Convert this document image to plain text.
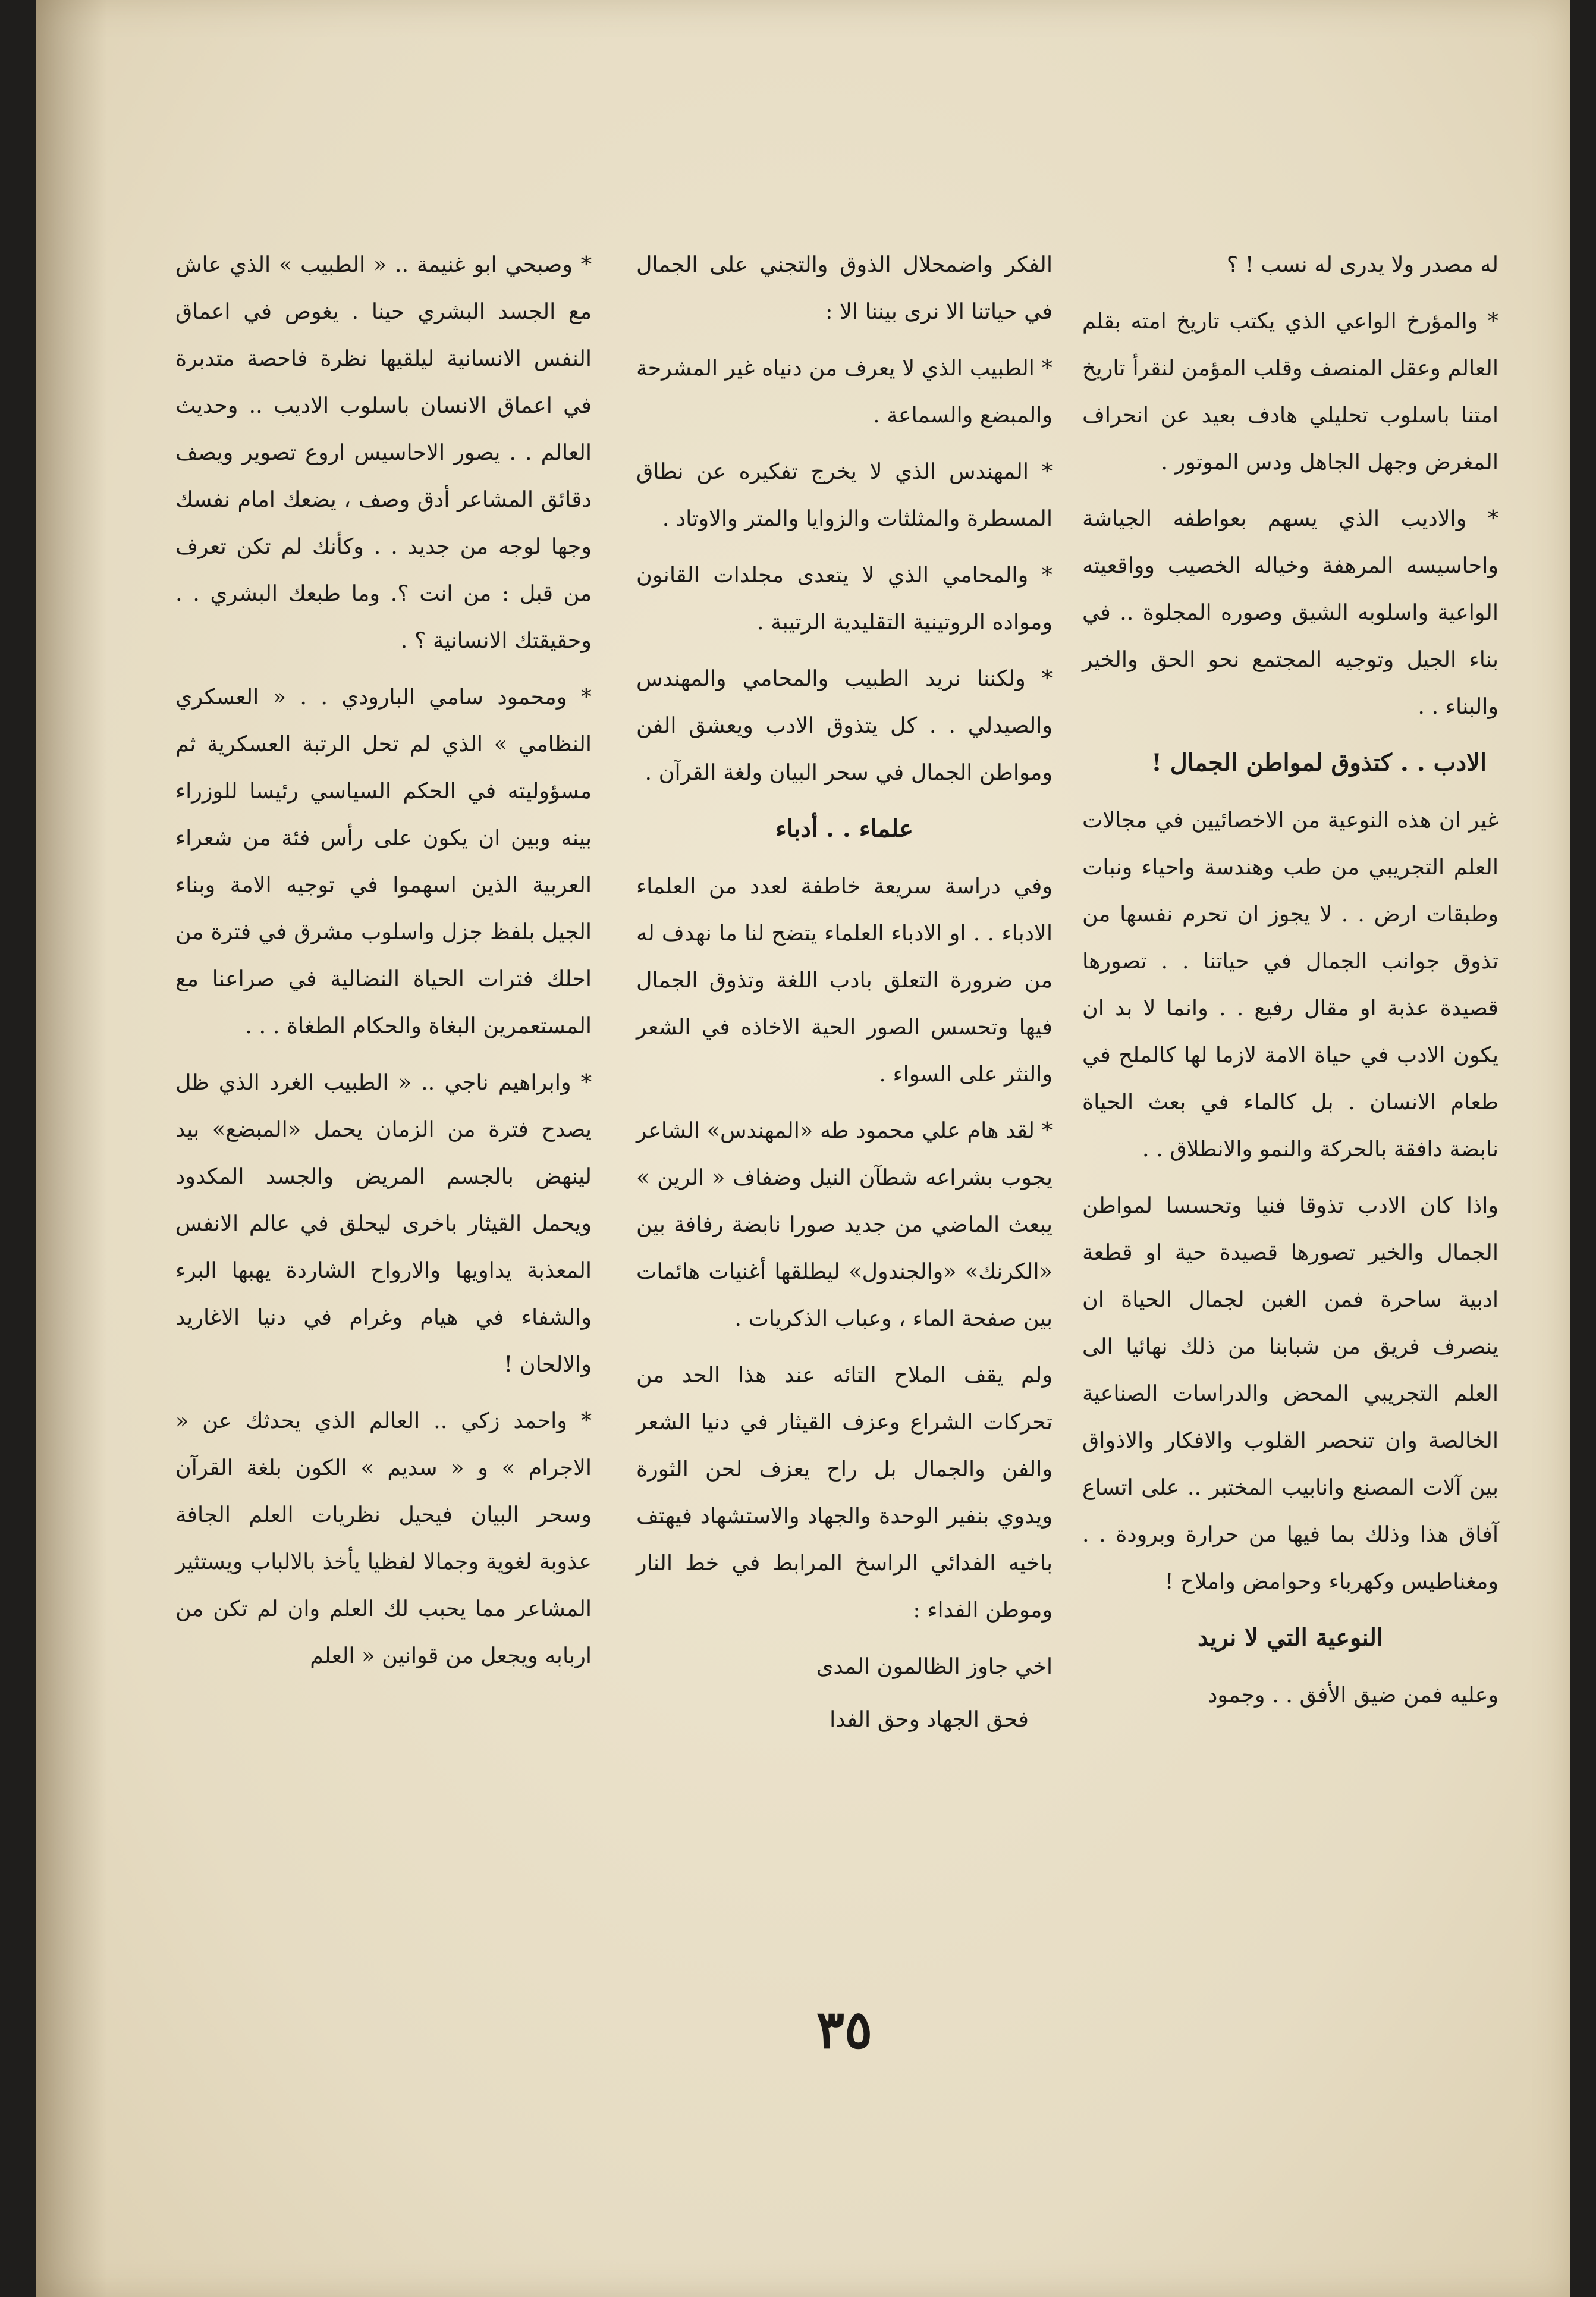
له مصدر ولا يدرى له نسب ! ؟

* والمؤرخ الواعي الذي يكتب تاريخ امته بقلم العالم وعقل المنصف وقلب المؤمن لنقرأ تاريخ امتنا باسلوب تحليلي هادف بعيد عن انحراف المغرض وجهل الجاهل ودس الموتور .

* والاديب الذي يسهم بعواطفه الجياشة واحاسيسه المرهفة وخياله الخصيب وواقعيته الواعية واسلوبه الشيق وصوره المجلوة .. في بناء الجيل وتوجيه المجتمع نحو الحق والخير والبناء . .

الادب . . كتذوق لمواطن الجمال !

غير ان هذه النوعية من الاخصائيين في مجالات العلم التجريبي من طب وهندسة واحياء ونبات وطبقات ارض . . لا يجوز ان تحرم نفسها من تذوق جوانب الجمال في حياتنا . . تصورها قصيدة عذبة او مقال رفيع . . وانما لا بد ان يكون الادب في حياة الامة لازما لها كالملح في طعام الانسان . بل كالماء في بعث الحياة نابضة دافقة بالحركة والنمو والانطلاق . .

واذا كان الادب تذوقا فنيا وتحسسا لمواطن الجمال والخير تصورها قصيدة حية او قطعة ادبية ساحرة فمن الغبن لجمال الحياة ان ينصرف فريق من شبابنا من ذلك نهائيا الى العلم التجريبي المحض والدراسات الصناعية الخالصة وان تنحصر القلوب والافكار والاذواق بين آلات المصنع وانابيب المختبر .. على اتساع آفاق هذا وذلك بما فيها من حرارة وبرودة . . ومغناطيس وكهرباء وحوامض واملاح !

النوعية التي لا نريد

وعليه فمن ضيق الأفق . . وجمود

الفكر واضمحلال الذوق والتجني على الجمال في حياتنا الا نرى بيننا الا :

* الطبيب الذي لا يعرف من دنياه غير المشرحة والمبضع والسماعة .

* المهندس الذي لا يخرج تفكيره عن نطاق المسطرة والمثلثات والزوايا والمتر والاوتاد .

* والمحامي الذي لا يتعدى مجلدات القانون ومواده الروتينية التقليدية الرتيبة .

* ولكننا نريد الطبيب والمحامي والمهندس والصيدلي . . كل يتذوق الادب ويعشق الفن ومواطن الجمال في سحر البيان ولغة القرآن .

علماء . . أدباء

وفي دراسة سريعة خاطفة لعدد من العلماء الادباء . . او الادباء العلماء يتضح لنا ما نهدف له من ضرورة التعلق بادب اللغة وتذوق الجمال فيها وتحسس الصور الحية الاخاذه في الشعر والنثر على السواء .

* لقد هام علي محمود طه «المهندس» الشاعر يجوب بشراعه شطآن النيل وضفاف « الرين » يبعث الماضي من جديد صورا نابضة رفافة بين «الكرنك» «والجندول» ليطلقها أغنيات هائمات بين صفحة الماء ، وعباب الذكريات .

ولم يقف الملاح التائه عند هذا الحد من تحركات الشراع وعزف القيثار في دنيا الشعر والفن والجمال بل راح يعزف لحن الثورة ويدوي بنفير الوحدة والجهاد والاستشهاد فيهتف باخيه الفدائي الراسخ المرابط في خط النار وموطن الفداء :

اخي جاوز الظالمون المدى

فحق الجهاد وحق الفدا

* وصبحي ابو غنيمة .. « الطبيب » الذي عاش مع الجسد البشري حينا . يغوص في اعماق النفس الانسانية ليلقيها نظرة فاحصة متدبرة في اعماق الانسان باسلوب الاديب .. وحديث العالم . . يصور الاحاسيس اروع تصوير ويصف دقائق المشاعر أدق وصف ، يضعك امام نفسك وجها لوجه من جديد . . وكأنك لم تكن تعرف من قبل : من انت ؟. وما طبعك البشري . . وحقيقتك الانسانية ؟ .

* ومحمود سامي البارودي . . « العسكري النظامي » الذي لم تحل الرتبة العسكرية ثم مسؤوليته في الحكم السياسي رئيسا للوزراء بينه وبين ان يكون على رأس فئة من شعراء العربية الذين اسهموا في توجيه الامة وبناء الجيل بلفظ جزل واسلوب مشرق في فترة من احلك فترات الحياة النضالية في صراعنا مع المستعمرين البغاة والحكام الطغاة . . .

* وابراهيم ناجي .. « الطبيب الغرد الذي ظل يصدح فترة من الزمان يحمل «المبضع» بيد لينهض بالجسم المريض والجسد المكدود ويحمل القيثار باخرى ليحلق في عالم الانفس المعذبة يداويها والارواح الشاردة يهبها البرء والشفاء في هيام وغرام في دنيا الاغاريد والالحان !

* واحمد زكي .. العالم الذي يحدثك عن « الاجرام » و « سديم » الكون بلغة القرآن وسحر البيان فيحيل نظريات العلم الجافة عذوبة لغوية وجمالا لفظيا يأخذ بالالباب ويستثير المشاعر مما يحبب لك العلم وان لم تكن من اربابه ويجعل من قوانين « العلم

٣٥
